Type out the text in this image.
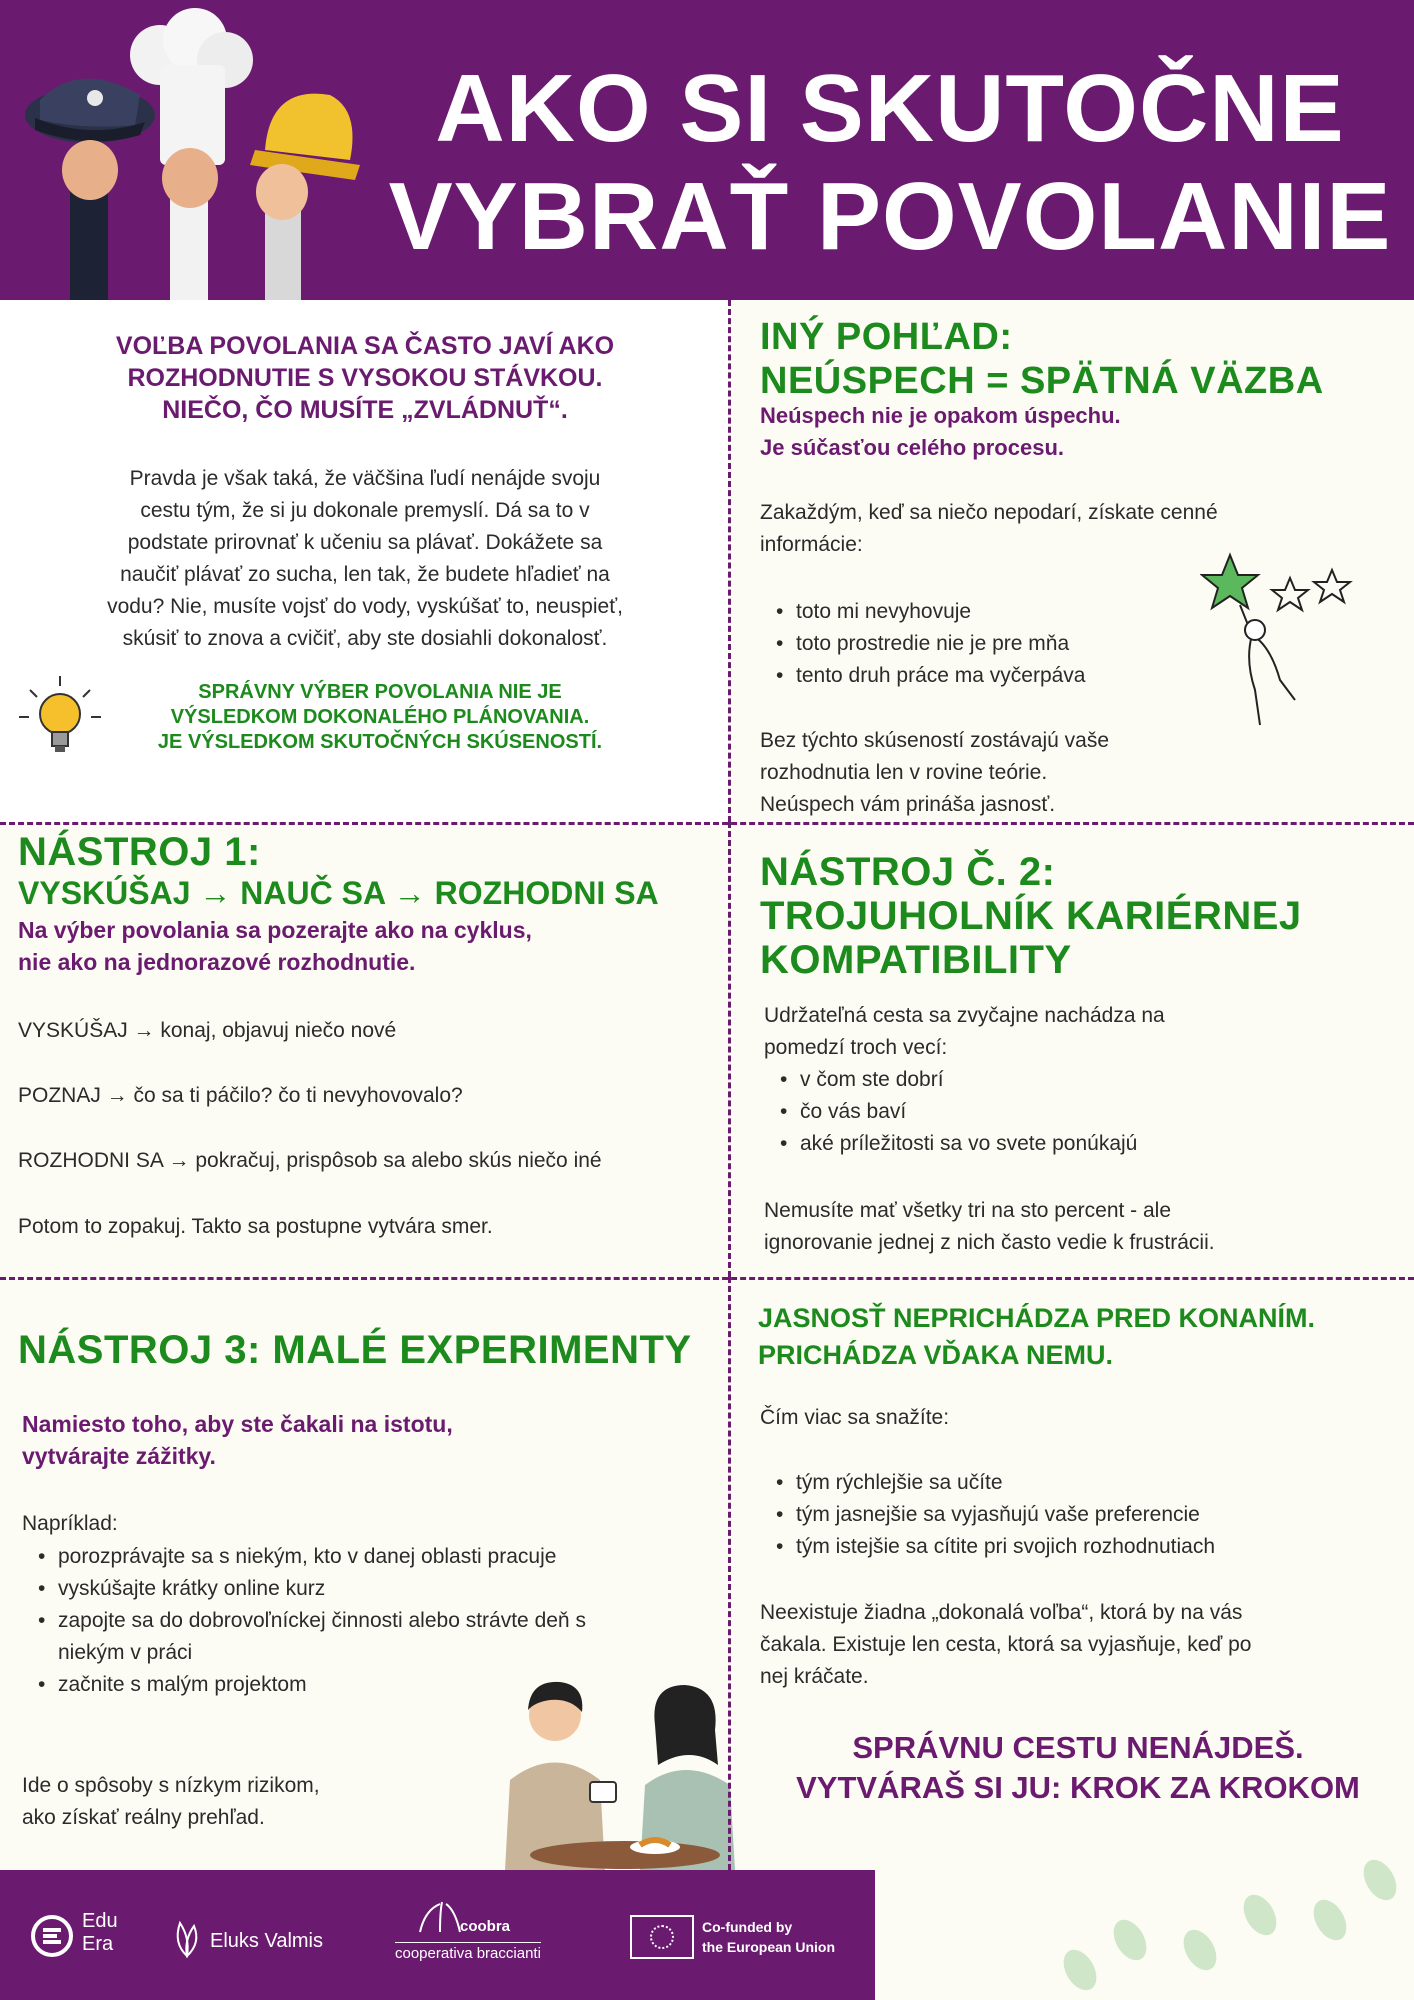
AKO SI SKUTOČNE
VYBRAŤ POVOLANIE
VOĽBA POVOLANIA SA ČASTO JAVÍ AKO
ROZHODNUTIE S VYSOKOU STÁVKOU.
NIEČO, ČO MUSÍTE „ZVLÁDNUŤ“.
Pravda je však taká, že väčšina ľudí nenájde svoju
cestu tým, že si ju dokonale premyslí. Dá sa to v
podstate prirovnať k učeniu sa plávať. Dokážete sa
naučiť plávať zo sucha, len tak, že budete hľadieť na
vodu? Nie, musíte vojsť do vody, vyskúšať to, neuspieť,
skúsiť to znova a cvičiť, aby ste dosiahli dokonalosť.
SPRÁVNY VÝBER POVOLANIA NIE JE
VÝSLEDKOM DOKONALÉHO PLÁNOVANIA.
JE VÝSLEDKOM SKUTOČNÝCH SKÚSENOSTÍ.
INÝ POHĽAD:
NEÚSPECH = SPÄTNÁ VÄZBA
Neúspech nie je opakom úspechu.
Je súčasťou celého procesu.
Zakaždým, keď sa niečo nepodarí, získate cenné
informácie:
• toto mi nevyhovuje
• toto prostredie nie je pre mňa
• tento druh práce ma vyčerpáva
Bez týchto skúseností zostávajú vaše
rozhodnutia len v rovine teórie.
Neúspech vám prináša jasnosť.
NÁSTROJ 1:
VYSKÚŠAJ → NAUČ SA → ROZHODNI SA
Na výber povolania sa pozerajte ako na cyklus,
nie ako na jednorazové rozhodnutie.
VYSKÚŠAJ → konaj, objavuj niečo nové
POZNAJ → čo sa ti páčilo? čo ti nevyhovovalo?
ROZHODNI SA → pokračuj, prispôsob sa alebo skús niečo iné
Potom to zopakuj. Takto sa postupne vytvára smer.
NÁSTROJ Č. 2:
TROJUHOLNÍK KARIÉRNEJ
KOMPATIBILITY
Udržateľná cesta sa zvyčajne nachádza na
pomedzí troch vecí:
• v čom ste dobrí
• čo vás baví
• aké príležitosti sa vo svete ponúkajú
Nemusíte mať všetky tri na sto percent - ale
ignorovanie jednej z nich často vedie k frustrácii.
NÁSTROJ 3: MALÉ EXPERIMENTY
Namiesto toho, aby ste čakali na istotu,
vytvárajte zážitky.
Napríklad:
• porozprávajte sa s niekým, kto v danej oblasti pracuje
• vyskúšajte krátky online kurz
• zapojte sa do dobrovoľníckej činnosti alebo strávte deň s niekým v práci
• začnite s malým projektom
Ide o spôsoby s nízkym rizikom,
ako získať reálny prehľad.
JASNOSŤ NEPRICHÁDZA PRED KONANÍM.
PRICHÁDZA VĎAKA NEMU.
Čím viac sa snažíte:
• tým rýchlejšie sa učíte
• tým jasnejšie sa vyjasňujú vaše preferencie
• tým istejšie sa cítite pri svojich rozhodnutiach
Neexistuje žiadna „dokonalá voľba“, ktorá by na vás
čakala. Existuje len cesta, ktorá sa vyjasňuje, keď po
nej kráčate.
SPRÁVNU CESTU NENÁJDEŠ.
VYTVÁRAŠ SI JU: KROK ZA KROKOM
Edu
Era	Eluks Valmis
coobra
cooperativa braccianti
Co-funded by
the European Union
